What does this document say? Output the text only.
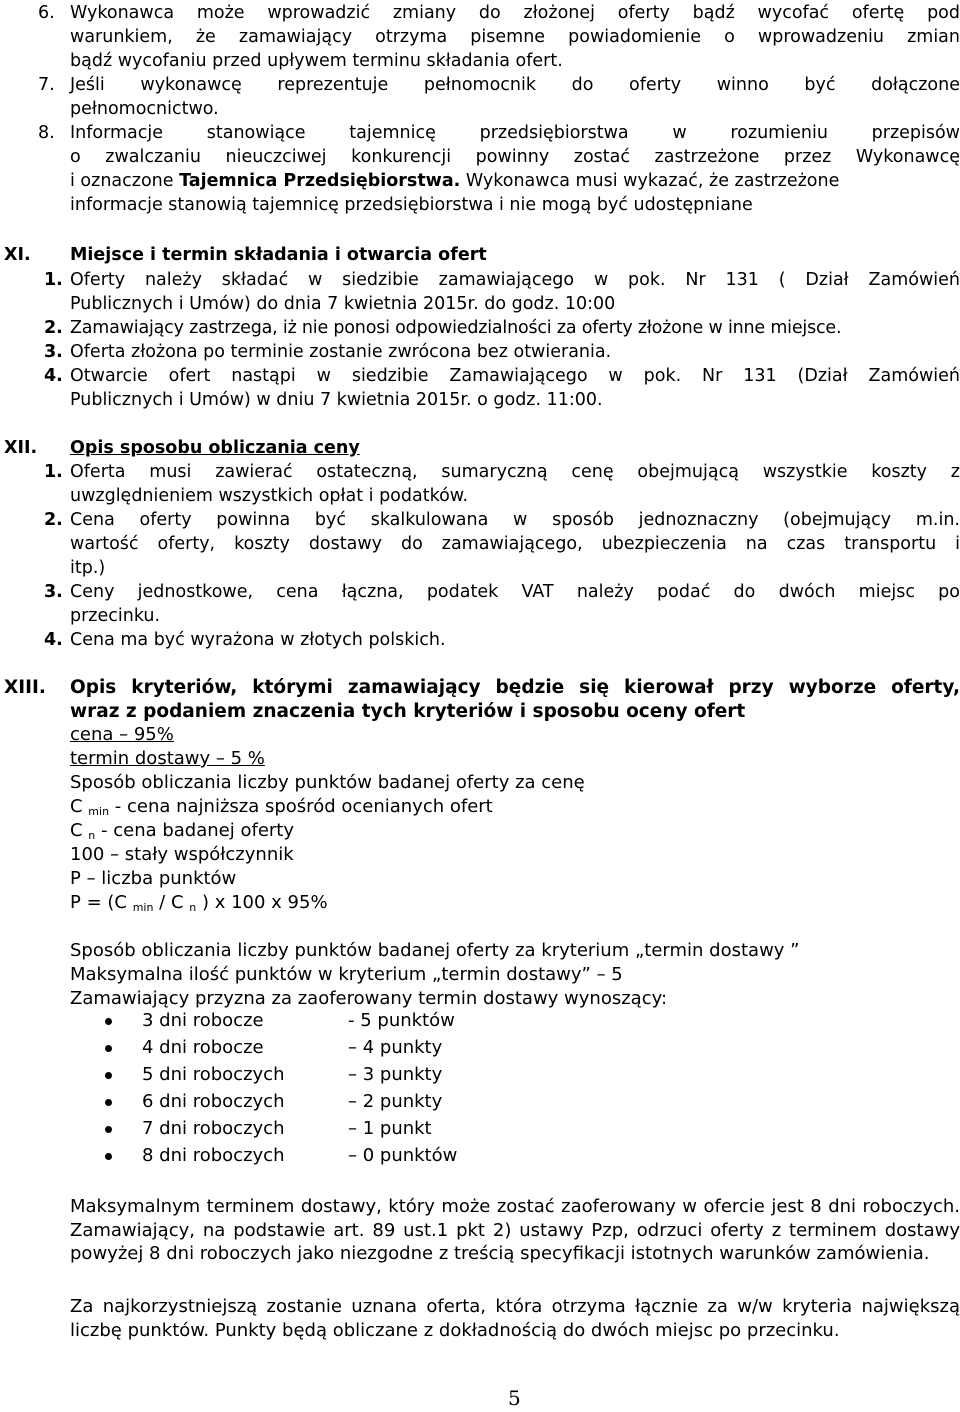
6. Wykonawca może wprowadzić zmiany do złożonej oferty bądź wycofać ofertę pod
warunkiem, że zamawiający otrzyma pisemne powiadomienie o wprowadzeniu zmian
bądź wycofaniu przed upływem terminu składania ofert.
7. Jeśli wykonawcę reprezentuje pełnomocnik do oferty winno być dołączone
pełnomocnictwo.
8. Informacje stanowiące tajemnicę przedsiębiorstwa w rozumieniu przepisów
o zwalczaniu nieuczciwej konkurencji powinny zostać zastrzeżone przez Wykonawcę
i oznaczone Tajemnica Przedsiębiorstwa. Wykonawca musi wykazać, że zastrzeżone
informacje stanowią tajemnicę przedsiębiorstwa i nie mogą być udostępniane
XI. Miejsce i termin składania i otwarcia ofert
1. Oferty należy składać w siedzibie zamawiającego w pok. Nr 131 ( Dział Zamówień
Publicznych i Umów) do dnia 7 kwietnia 2015r. do godz. 10:00
2. Zamawiający zastrzega, iż nie ponosi odpowiedzialności za oferty złożone w inne miejsce.
3. Oferta złożona po terminie zostanie zwrócona bez otwierania.
4. Otwarcie ofert nastąpi w siedzibie Zamawiającego w pok. Nr 131 (Dział Zamówień
Publicznych i Umów) w dniu 7 kwietnia 2015r. o godz. 11:00.
XII. Opis sposobu obliczania ceny
1. Oferta musi zawierać ostateczną, sumaryczną cenę obejmującą wszystkie koszty z
uwzględnieniem wszystkich opłat i podatków.
2. Cena oferty powinna być skalkulowana w sposób jednoznaczny (obejmujący m.in.
wartość oferty, koszty dostawy do zamawiającego, ubezpieczenia na czas transportu i
itp.)
3. Ceny jednostkowe, cena łączna, podatek VAT należy podać do dwóch miejsc po
przecinku.
4. Cena ma być wyrażona w złotych polskich.
XIII. Opis kryteriów, którymi zamawiający będzie się kierował przy wyborze oferty,
wraz z podaniem znaczenia tych kryteriów i sposobu oceny ofert
cena – 95%
termin dostawy – 5 %
Sposób obliczania liczby punktów badanej oferty za cenę
C $_{min}$ - cena najniższa spośród ocenianych ofert
C $_n$ - cena badanej oferty
100 – stały współczynnik
P – liczba punktów
P = (C $_{min}$ / C $_n$ ) x 100 x 95%
Sposób obliczania liczby punktów badanej oferty za kryterium „termin dostawy ”
Maksymalna ilość punktów w kryterium „termin dostawy” – 5
Zamawiający przyzna za zaoferowany termin dostawy wynoszący:
3 dni robocze	- 5 punktów
4 dni robocze	– 4 punkty
5 dni roboczych	– 3 punkty
6 dni roboczych	– 2 punkty
7 dni roboczych	– 1 punkt
8 dni roboczych	– 0 punktów
Maksymalnym terminem dostawy, który może zostać zaoferowany w ofercie jest 8 dni roboczych. Zamawiający, na podstawie art. 89 ust.1 pkt 2) ustawy Pzp, odrzuci oferty z terminem dostawy powyżej 8 dni roboczych jako niezgodne z treścią specyfikacji istotnych warunków zamówienia.
Za najkorzystniejszą zostanie uznana oferta, która otrzyma łącznie za w/w kryteria największą liczbę punktów. Punkty będą obliczane z dokładnością do dwóch miejsc po przecinku.
5
